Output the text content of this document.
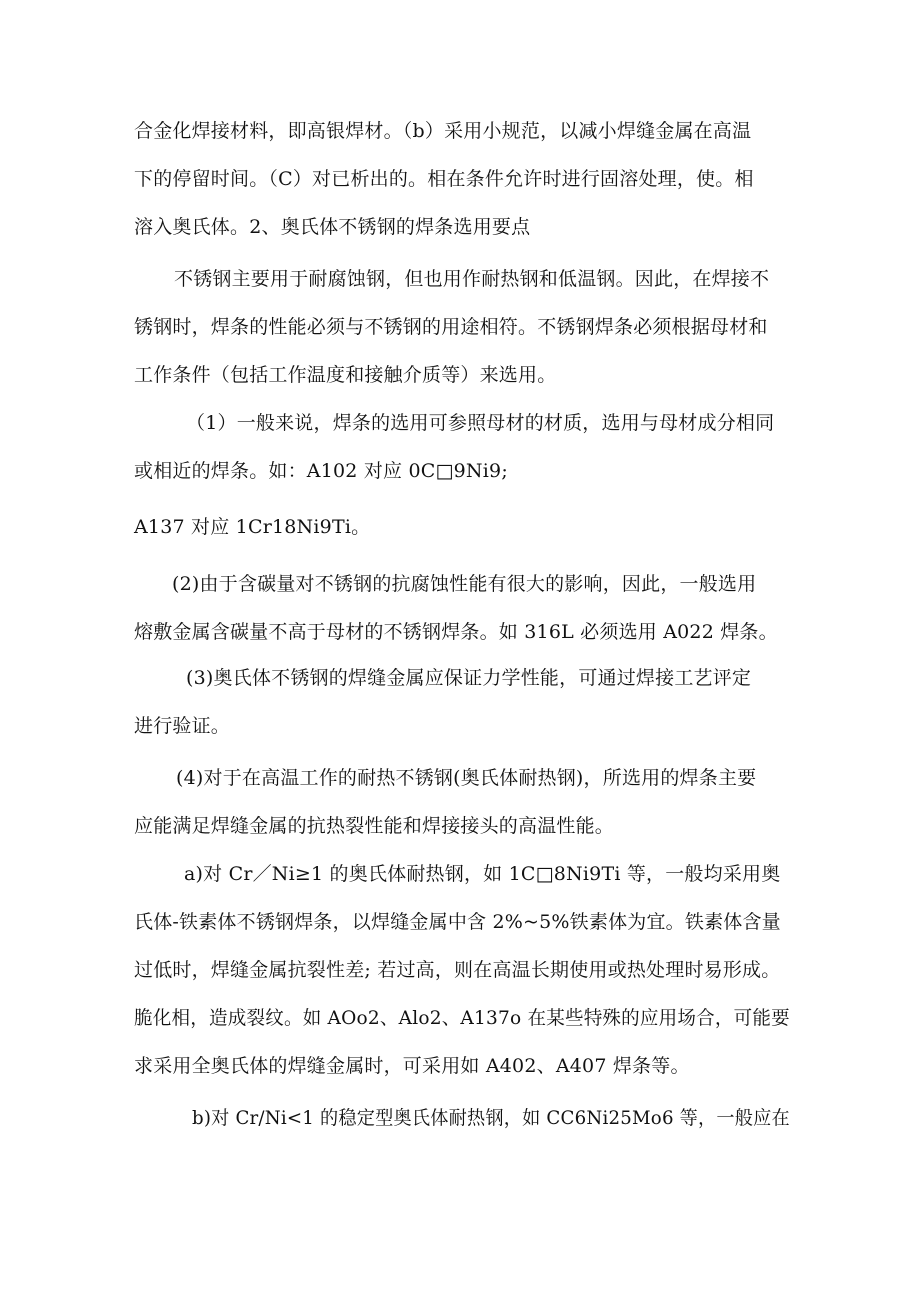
合金化焊接材料，即高银焊材。（b）采用小规范，以减小焊缝金属在高温
下的停留时间。（C）对已析出的。相在条件允许时进行固溶处理，使。相
溶入奥氏体。2、奥氏体不锈钢的焊条选用要点
不锈钢主要用于耐腐蚀钢，但也用作耐热钢和低温钢。因此，在焊接不
锈钢时，焊条的性能必须与不锈钢的用途相符。不锈钢焊条必须根据母材和
工作条件（包括工作温度和接触介质等）来选用。
（1）一般来说，焊条的选用可参照母材的材质，选用与母材成分相同
或相近的焊条。如：A102 对应 0C□9Ni9;
A137 对应 1Cr18Ni9Ti。
(2)由于含碳量对不锈钢的抗腐蚀性能有很大的影响，因此，一般选用
熔敷金属含碳量不高于母材的不锈钢焊条。如 316L 必须选用 A022 焊条。
(3)奥氏体不锈钢的焊缝金属应保证力学性能，可通过焊接工艺评定
进行验证。
(4)对于在高温工作的耐热不锈钢(奥氏体耐热钢)，所选用的焊条主要
应能满足焊缝金属的抗热裂性能和焊接接头的高温性能。
a)对 Cr／Ni≥1 的奥氏体耐热钢，如 1C□8Ni9Ti 等，一般均采用奥
氏体-铁素体不锈钢焊条，以焊缝金属中含 2%~5%铁素体为宜。铁素体含量
过低时，焊缝金属抗裂性差; 若过高，则在高温长期使用或热处理时易形成。
脆化相，造成裂纹。如 AOo2、Alo2、A137o 在某些特殊的应用场合，可能要
求采用全奥氏体的焊缝金属时，可采用如 A402、A407 焊条等。
b)对 Cr/Ni<1 的稳定型奥氏体耐热钢，如 CC6Ni25Mo6 等，一般应在
